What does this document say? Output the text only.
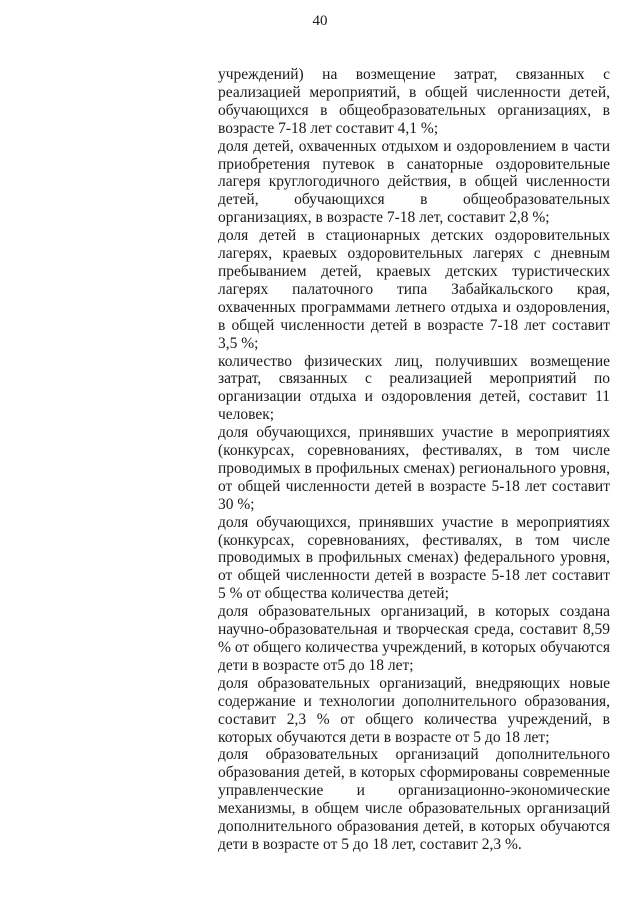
40

учреждений) на возмещение затрат, связанных с реализацией мероприятий, в общей численности детей, обучающихся в общеобразовательных организациях, в возрасте 7-18 лет составит 4,1 %;

доля детей, охваченных отдыхом и оздоровлением в части приобретения путевок в санаторные оздоровительные лагеря круглогодичного действия, в общей численности детей, обучающихся в общеобразовательных организациях, в возрасте 7-18 лет, составит 2,8 %;

доля детей в стационарных детских оздоровительных лагерях, краевых оздоровительных лагерях с дневным пребыванием детей, краевых детских туристических лагерях палаточного типа Забайкальского края, охваченных программами летнего отдыха и оздоровления, в общей численности детей в возрасте 7-18 лет составит 3,5 %;

количество физических лиц, получивших возмещение затрат, связанных с реализацией мероприятий по организации отдыха и оздоровления детей, составит 11 человек;

доля обучающихся, принявших участие в мероприятиях (конкурсах, соревнованиях, фестивалях, в том числе проводимых в профильных сменах) регионального уровня, от общей численности детей в возрасте 5-18 лет составит 30 %;

доля обучающихся, принявших участие в мероприятиях (конкурсах, соревнованиях, фестивалях, в том числе проводимых в профильных сменах) федерального уровня, от общей численности детей в возрасте 5-18 лет составит 5 % от общества количества детей;

доля образовательных организаций, в которых создана научно-образовательная и творческая среда, составит 8,59 % от общего количества учреждений, в которых обучаются дети в возрасте от5 до 18 лет;

доля образовательных организаций, внедряющих новые содержание и технологии дополнительного образования, составит 2,3 % от общего количества учреждений, в которых обучаются дети в возрасте от 5 до 18 лет;

доля образовательных организаций дополнительного образования детей, в которых сформированы современные управленческие и организационно-экономические механизмы, в общем числе образовательных организаций дополнительного образования детей, в которых обучаются дети в возрасте от 5 до 18 лет, составит 2,3 %.
